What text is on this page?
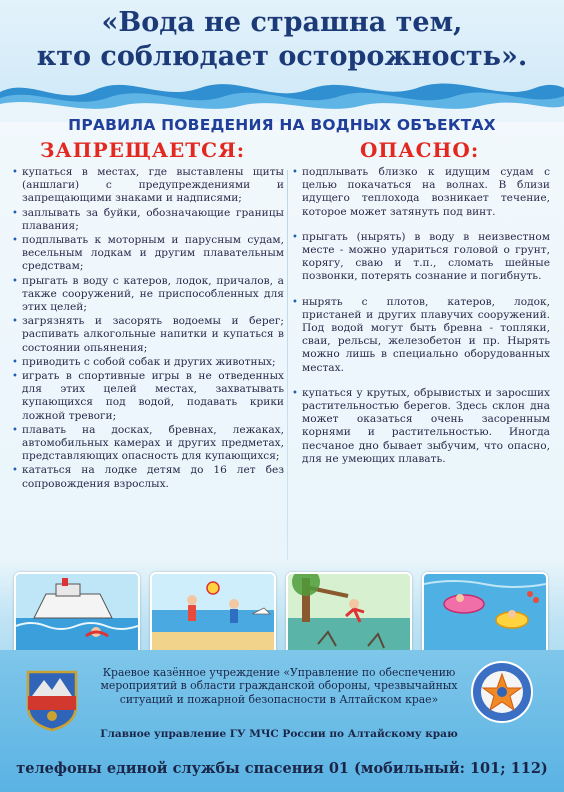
«Вода не страшна тем,
кто соблюдает осторожность».
ПРАВИЛА ПОВЕДЕНИЯ НА ВОДНЫХ ОБЪЕКТАХ
ЗАПРЕЩАЕТСЯ:	ОПАСНО:
• купаться в местах, где выставлены щиты (аншлаги) с предупреждениями и запрещающими знаками и надписями;
• заплывать за буйки, обозначающие границы плавания;
• подплывать к моторным и парусным судам, весельным лодкам и другим плавательным средствам;
• прыгать в воду с катеров, лодок, причалов, а также сооружений, не приспособленных для этих целей;
• загрязнять и засорять водоемы и берег; распивать алкогольные напитки и купаться в состоянии опьянения;
• приводить с собой собак и других животных;
• играть в спортивные игры в не отведенных для этих целей местах, захватывать купающихся под водой, подавать крики ложной тревоги;
• плавать на досках, бревнах, лежаках, автомобильных камерах и других предметах, представляющих опасность для купающихся;
• кататься на лодке детям до 16 лет без сопровождения взрослых.
• подплывать близко к идущим судам с целью покачаться на волнах. В близи идущего теплохода возникает течение, которое может затянуть под винт.
• прыгать (нырять) в воду в неизвестном месте - можно удариться головой о грунт, корягу, сваю и т.п., сломать шейные позвонки, потерять сознание и погибнуть.
• нырять с плотов, катеров, лодок, пристаней и других плавучих сооружений. Под водой могут быть бревна - топляки, сваи, рельсы, железобетон и пр. Нырять можно лишь в специально оборудованных местах.
• купаться у крутых, обрывистых и заросших растительностью берегов. Здесь склон дна может оказаться очень засоренным корнями и растительностью. Иногда песчаное дно бывает зыбучим, что опасно, для не умеющих плавать.
Краевое казённое учреждение «Управление по обеспечению
мероприятий в области гражданской обороны, чрезвычайных
ситуаций и пожарной безопасности в Алтайском крае»
Главное управление ГУ МЧС России по Алтайскому краю
телефоны единой службы спасения 01 (мобильный: 101; 112)
